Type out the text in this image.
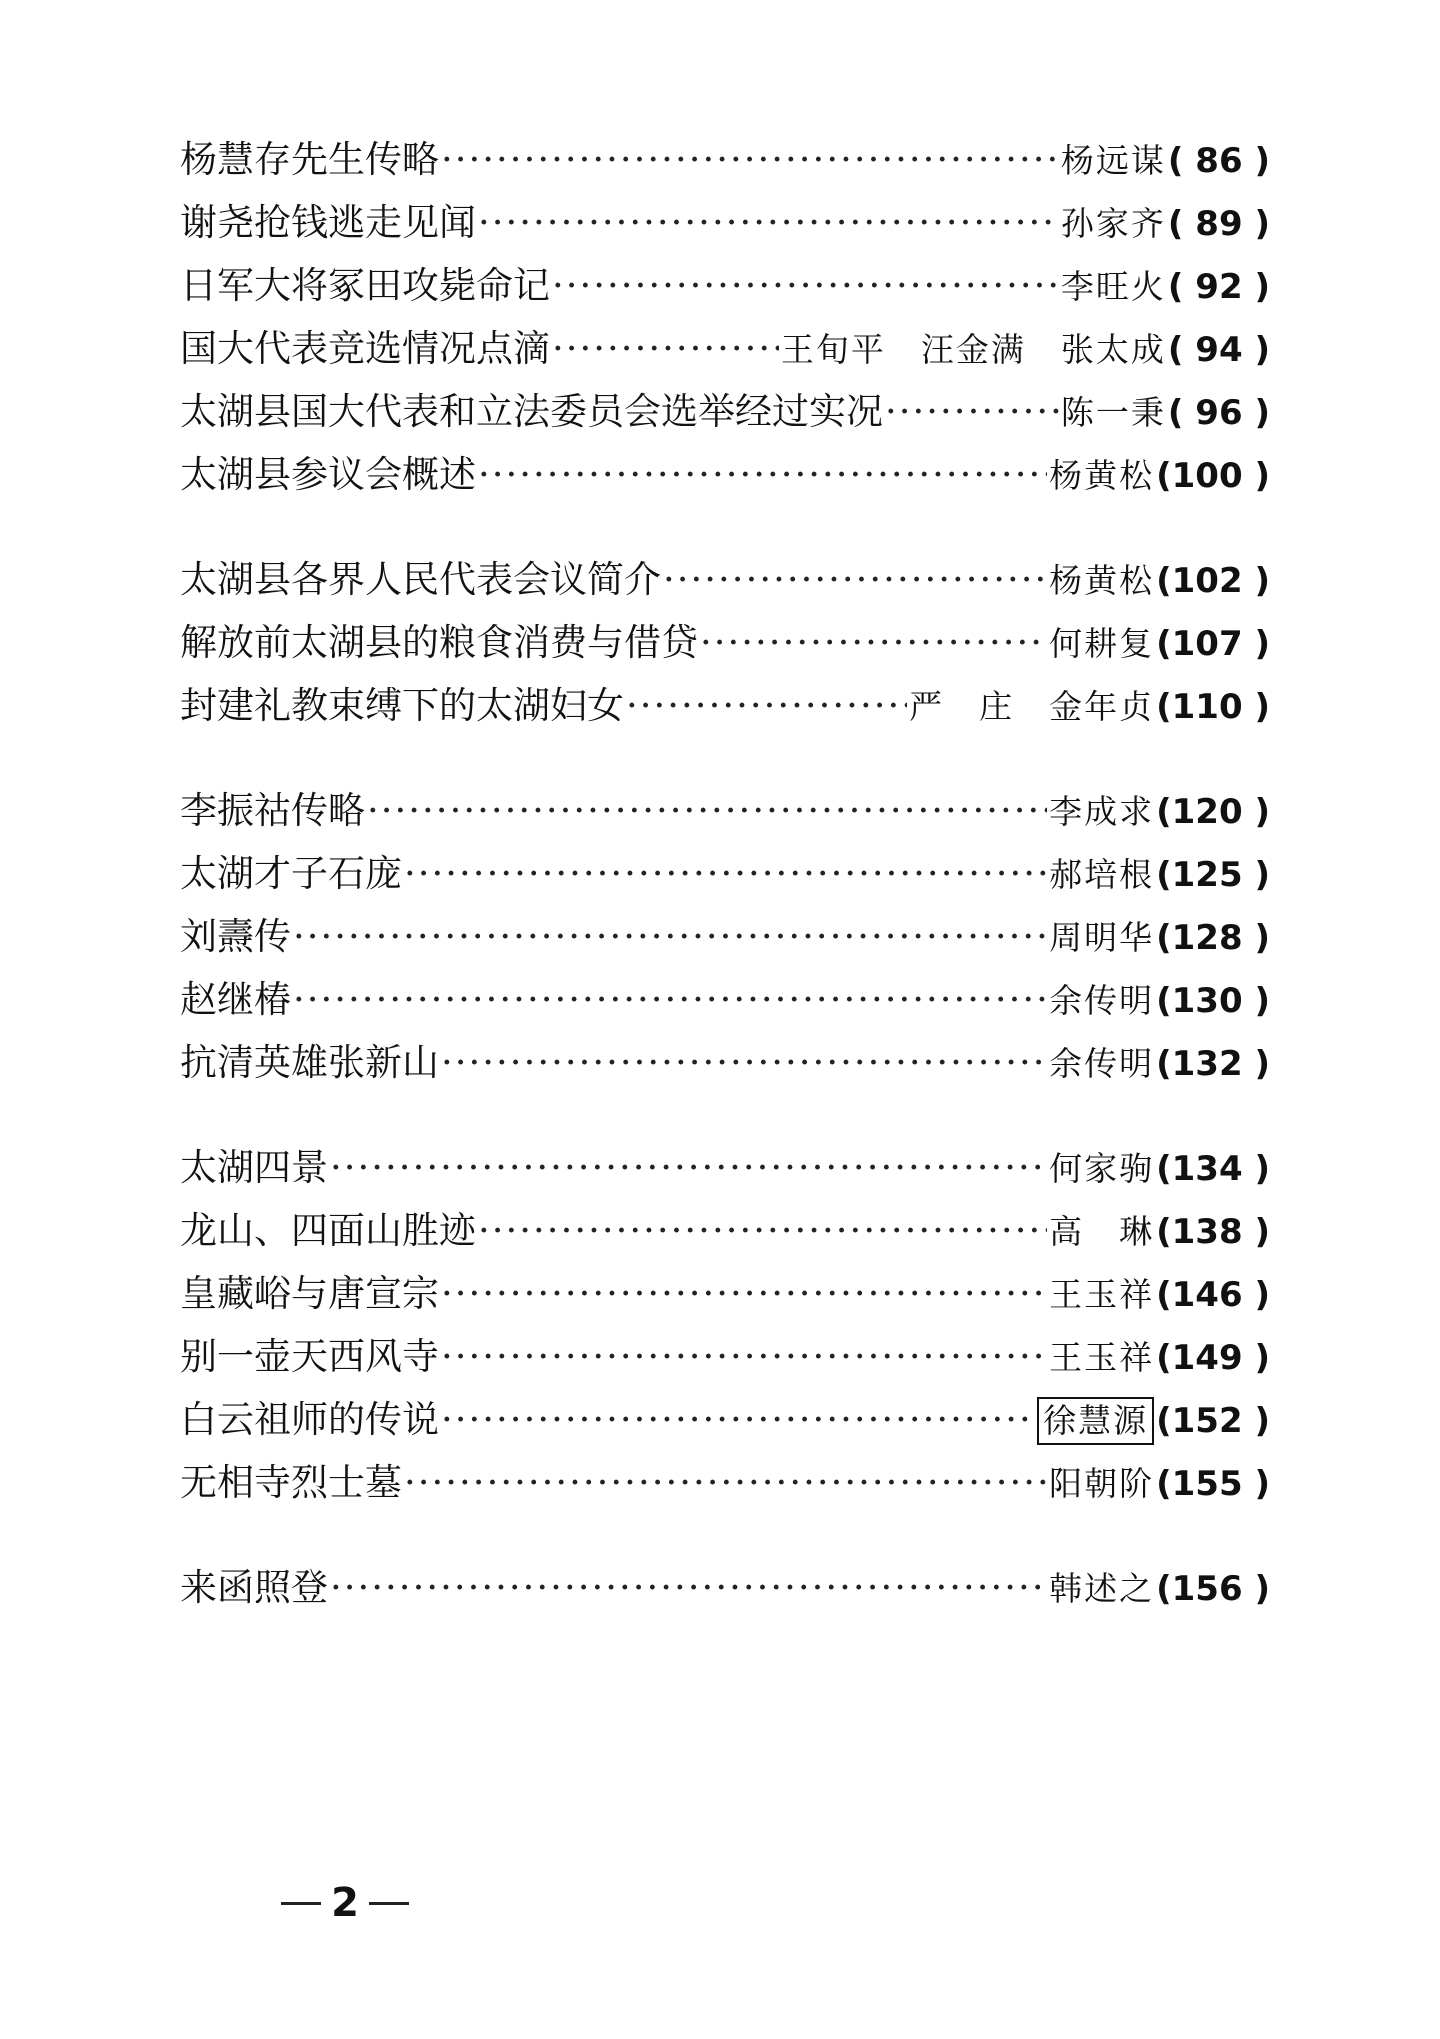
杨慧存先生传略 ·····	杨远谋 ( 86 )
谢尧抢钱逃走见闻 ·····	孙家齐 ( 89 )
日军大将冢田攻毙命记 ·····	李旺火 ( 92 )
国大代表竞选情况点滴 ·····	王旬平　汪金满　张太成 ( 94 )
太湖县国大代表和立法委员会选举经过实况 ·····	陈一秉 ( 96 )
太湖县参议会概述 ·····	杨黄松 (100 )
太湖县各界人民代表会议简介 ·····	杨黄松 (102 )
解放前太湖县的粮食消费与借贷 ·····	何耕复 (107 )
封建礼教束缚下的太湖妇女 ·····	严　庄　金年贞 (110 )
李振祜传略 ·····	李成求 (120 )
太湖才子石庞 ·····	郝培根 (125 )
刘燾传 ·····	周明华 (128 )
赵继椿 ·····	余传明 (130 )
抗清英雄张新山 ·····	余传明 (132 )
太湖四景 ·····	何家驹 (134 )
龙山、四面山胜迹 ·····	高　琳 (138 )
皇藏峪与唐宣宗 ·····	王玉祥 (146 )
别一壶天西风寺 ·····	王玉祥 (149 )
白云祖师的传说 ·····	徐慧源 (152 )
无相寺烈士墓 ·····	阳朝阶 (155 )
来函照登 ·····	韩述之 (156 )
2
